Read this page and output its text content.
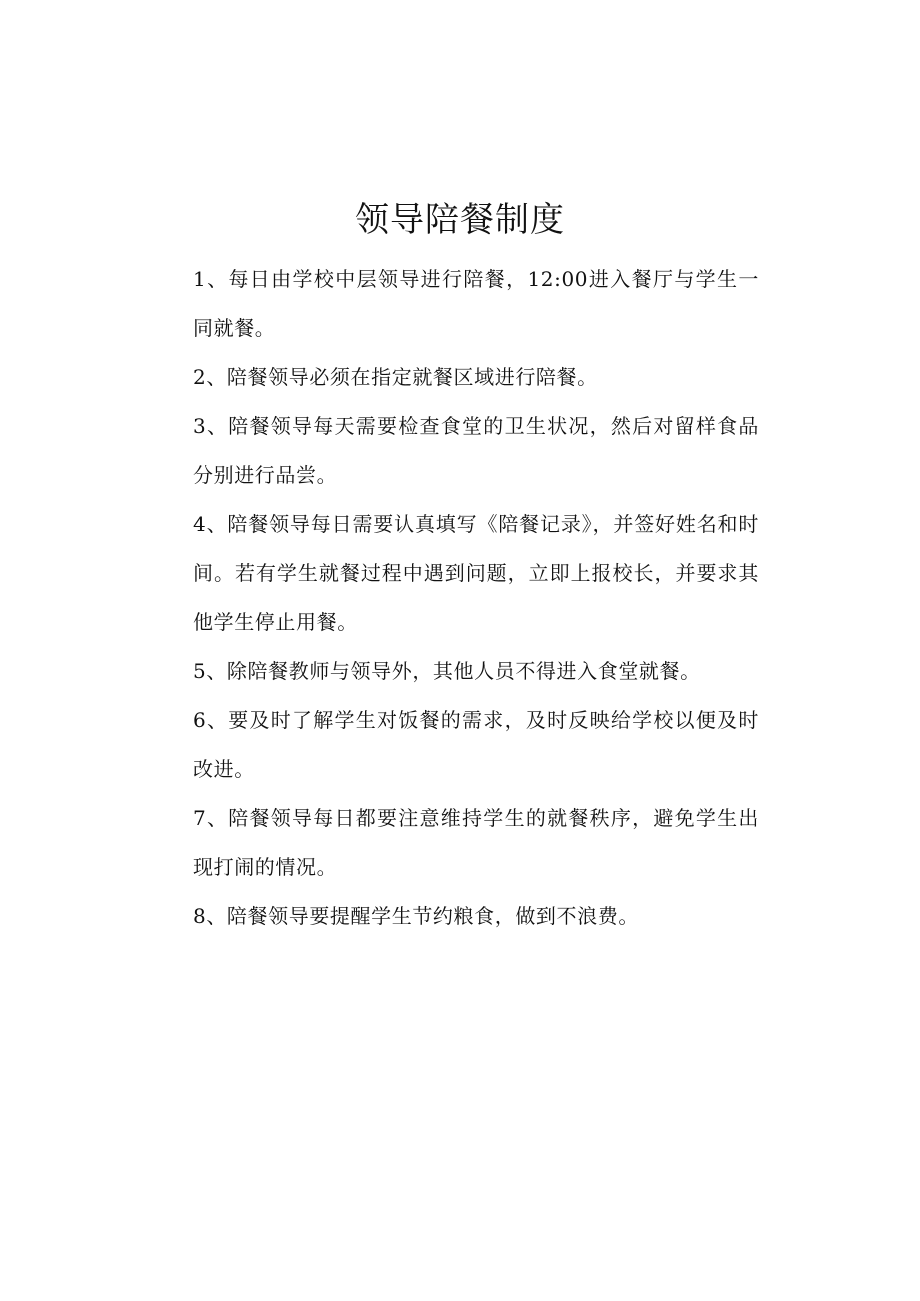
领导陪餐制度
1、每日由学校中层领导进行陪餐，12:00进入餐厅与学生一同就餐。
2、陪餐领导必须在指定就餐区域进行陪餐。
3、陪餐领导每天需要检查食堂的卫生状况，然后对留样食品分别进行品尝。
4、陪餐领导每日需要认真填写《陪餐记录》，并签好姓名和时间。若有学生就餐过程中遇到问题，立即上报校长，并要求其他学生停止用餐。
5、除陪餐教师与领导外，其他人员不得进入食堂就餐。
6、要及时了解学生对饭餐的需求，及时反映给学校以便及时改进。
7、陪餐领导每日都要注意维持学生的就餐秩序，避免学生出现打闹的情况。
8、陪餐领导要提醒学生节约粮食，做到不浪费。
